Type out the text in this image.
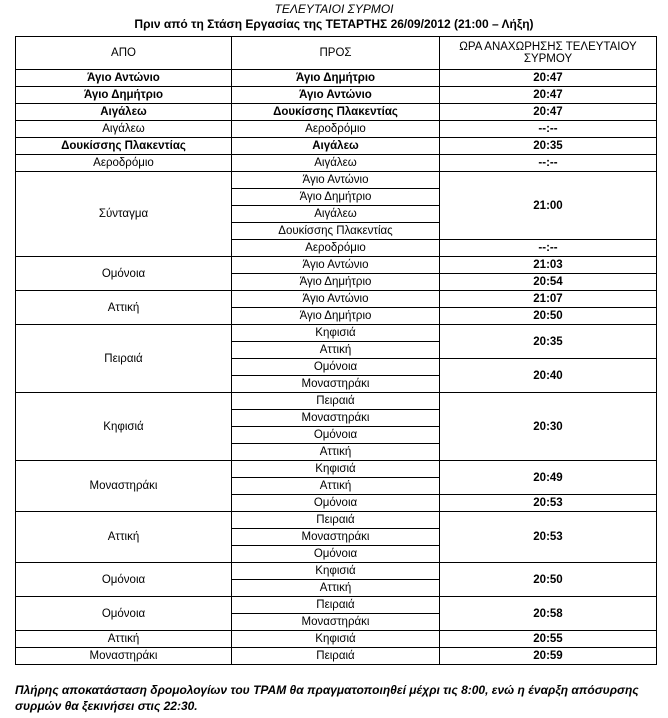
ΤΕΛΕΥΤΑΙΟΙ ΣΥΡΜΟΙ
Πριν από τη Στάση Εργασίας της ΤΕΤΑΡΤΗΣ 26/09/2012 (21:00 – Λήξη)
ΑΠΟ	ΠΡΟΣ	ΩΡΑ ΑΝΑΧΩΡΗΣΗΣ ΤΕΛΕΥΤΑΙΟΥ ΣΥΡΜΟΥ
Άγιο Αντώνιο	Άγιο Δημήτριο	20:47
Άγιο Δημήτριο	Άγιο Αντώνιο	20:47
Αιγάλεω	Δουκίσσης Πλακεντίας	20:47
Αιγάλεω	Αεροδρόμιο	--:--
Δουκίσσης Πλακεντίας	Αιγάλεω	20:35
Αεροδρόμιο	Αιγάλεω	--:--
Σύνταγμα	Άγιο Αντώνιο	21:00
	Άγιο Δημήτριο	
	Αιγάλεω	
	Δουκίσσης Πλακεντίας	
	Αεροδρόμιο	--:--
Ομόνοια	Άγιο Αντώνιο	21:03
	Άγιο Δημήτριο	20:54
Αττική	Άγιο Αντώνιο	21:07
	Άγιο Δημήτριο	20:50
Πειραιά	Κηφισιά	20:35
	Αττική	
	Ομόνοια	20:40
	Μοναστηράκι	
Κηφισιά	Πειραιά	20:30
	Μοναστηράκι	
	Ομόνοια	
	Αττική	
Μοναστηράκι	Κηφισιά	20:49
	Αττική	
	Ομόνοια	20:53
Αττική	Πειραιά	20:53
	Μοναστηράκι	
	Ομόνοια	
Ομόνοια	Κηφισιά	20:50
	Αττική	
Ομόνοια	Πειραιά	20:58
	Μοναστηράκι	
Αττική	Κηφισιά	20:55
Μοναστηράκι	Πειραιά	20:59
Πλήρης αποκατάσταση δρομολογίων του ΤΡΑΜ θα πραγματοποιηθεί μέχρι τις 8:00, ενώ η έναρξη απόσυρσης συρμών θα ξεκινήσει στις 22:30.
